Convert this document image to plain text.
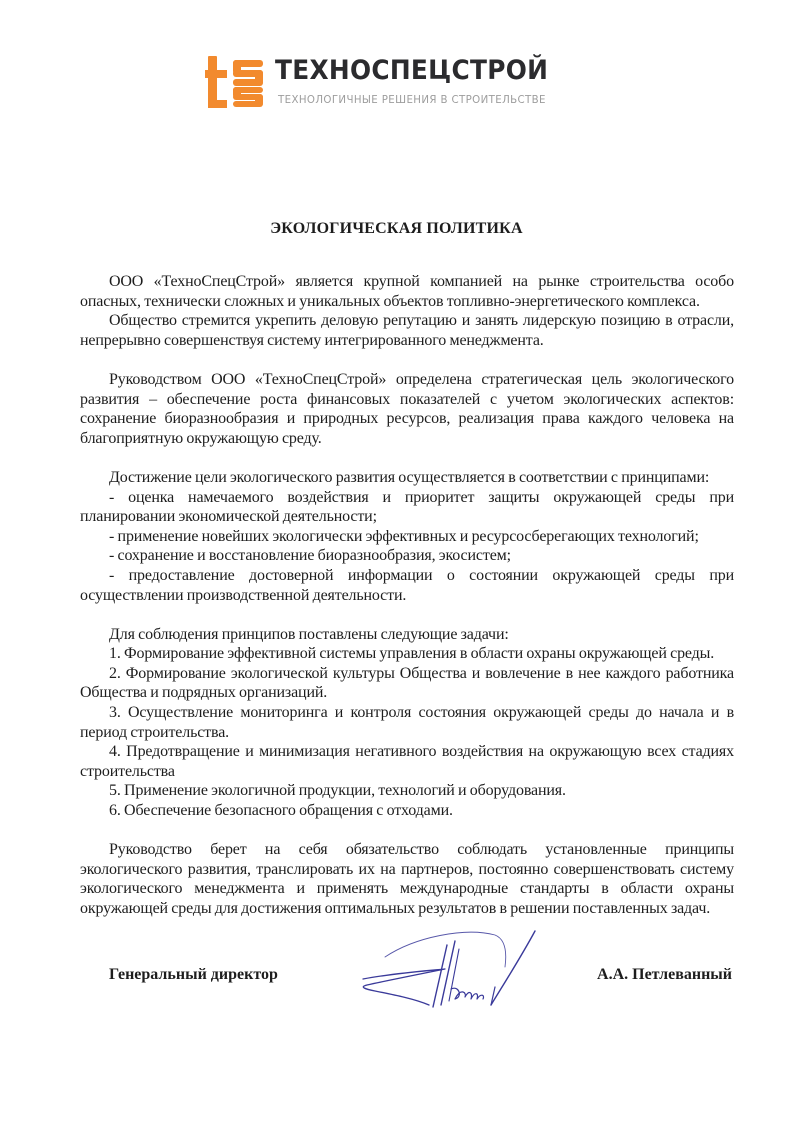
ТЕХНОСПЕЦСТРОЙ
ТЕХНОЛОГИЧНЫЕ РЕШЕНИЯ В СТРОИТЕЛЬСТВЕ
ЭКОЛОГИЧЕСКАЯ ПОЛИТИКА

ООО «ТехноСпецСтрой» является крупной компанией на рынке строительства особо опасных, технически сложных и уникальных объектов топливно-энергетического комплекса.

Общество стремится укрепить деловую репутацию и занять лидерскую позицию в отрасли, непрерывно совершенствуя систему интегрированного менеджмента.

Руководством ООО «ТехноСпецСтрой» определена стратегическая цель экологического развития – обеспечение роста финансовых показателей с учетом экологических аспектов: сохранение биоразнообразия и природных ресурсов, реализация права каждого человека на благоприятную окружающую среду.

Достижение цели экологического развития осуществляется в соответствии с принципами:

- оценка намечаемого воздействия и приоритет защиты окружающей среды при планировании экономической деятельности;

- применение новейших экологически эффективных и ресурсосберегающих технологий;

- сохранение и восстановление биоразнообразия, экосистем;

- предоставление достоверной информации о состоянии окружающей среды при осуществлении производственной деятельности.

Для соблюдения принципов поставлены следующие задачи:

1. Формирование эффективной системы управления в области охраны окружающей среды.

2. Формирование экологической культуры Общества и вовлечение в нее каждого работника Общества и подрядных организаций.

3. Осуществление мониторинга и контроля состояния окружающей среды до начала и в период строительства.

4. Предотвращение и минимизация негативного воздействия на окружающую всех стадиях строительства

5. Применение экологичной продукции, технологий и оборудования.

6. Обеспечение безопасного обращения с отходами.

Руководство берет на себя обязательство соблюдать установленные принципы экологического развития, транслировать их на партнеров, постоянно совершенствовать систему экологического менеджмента и применять международные стандарты в области охраны окружающей среды для достижения оптимальных результатов в решении поставленных задач.

Генеральный директор	А.А. Петлеванный
